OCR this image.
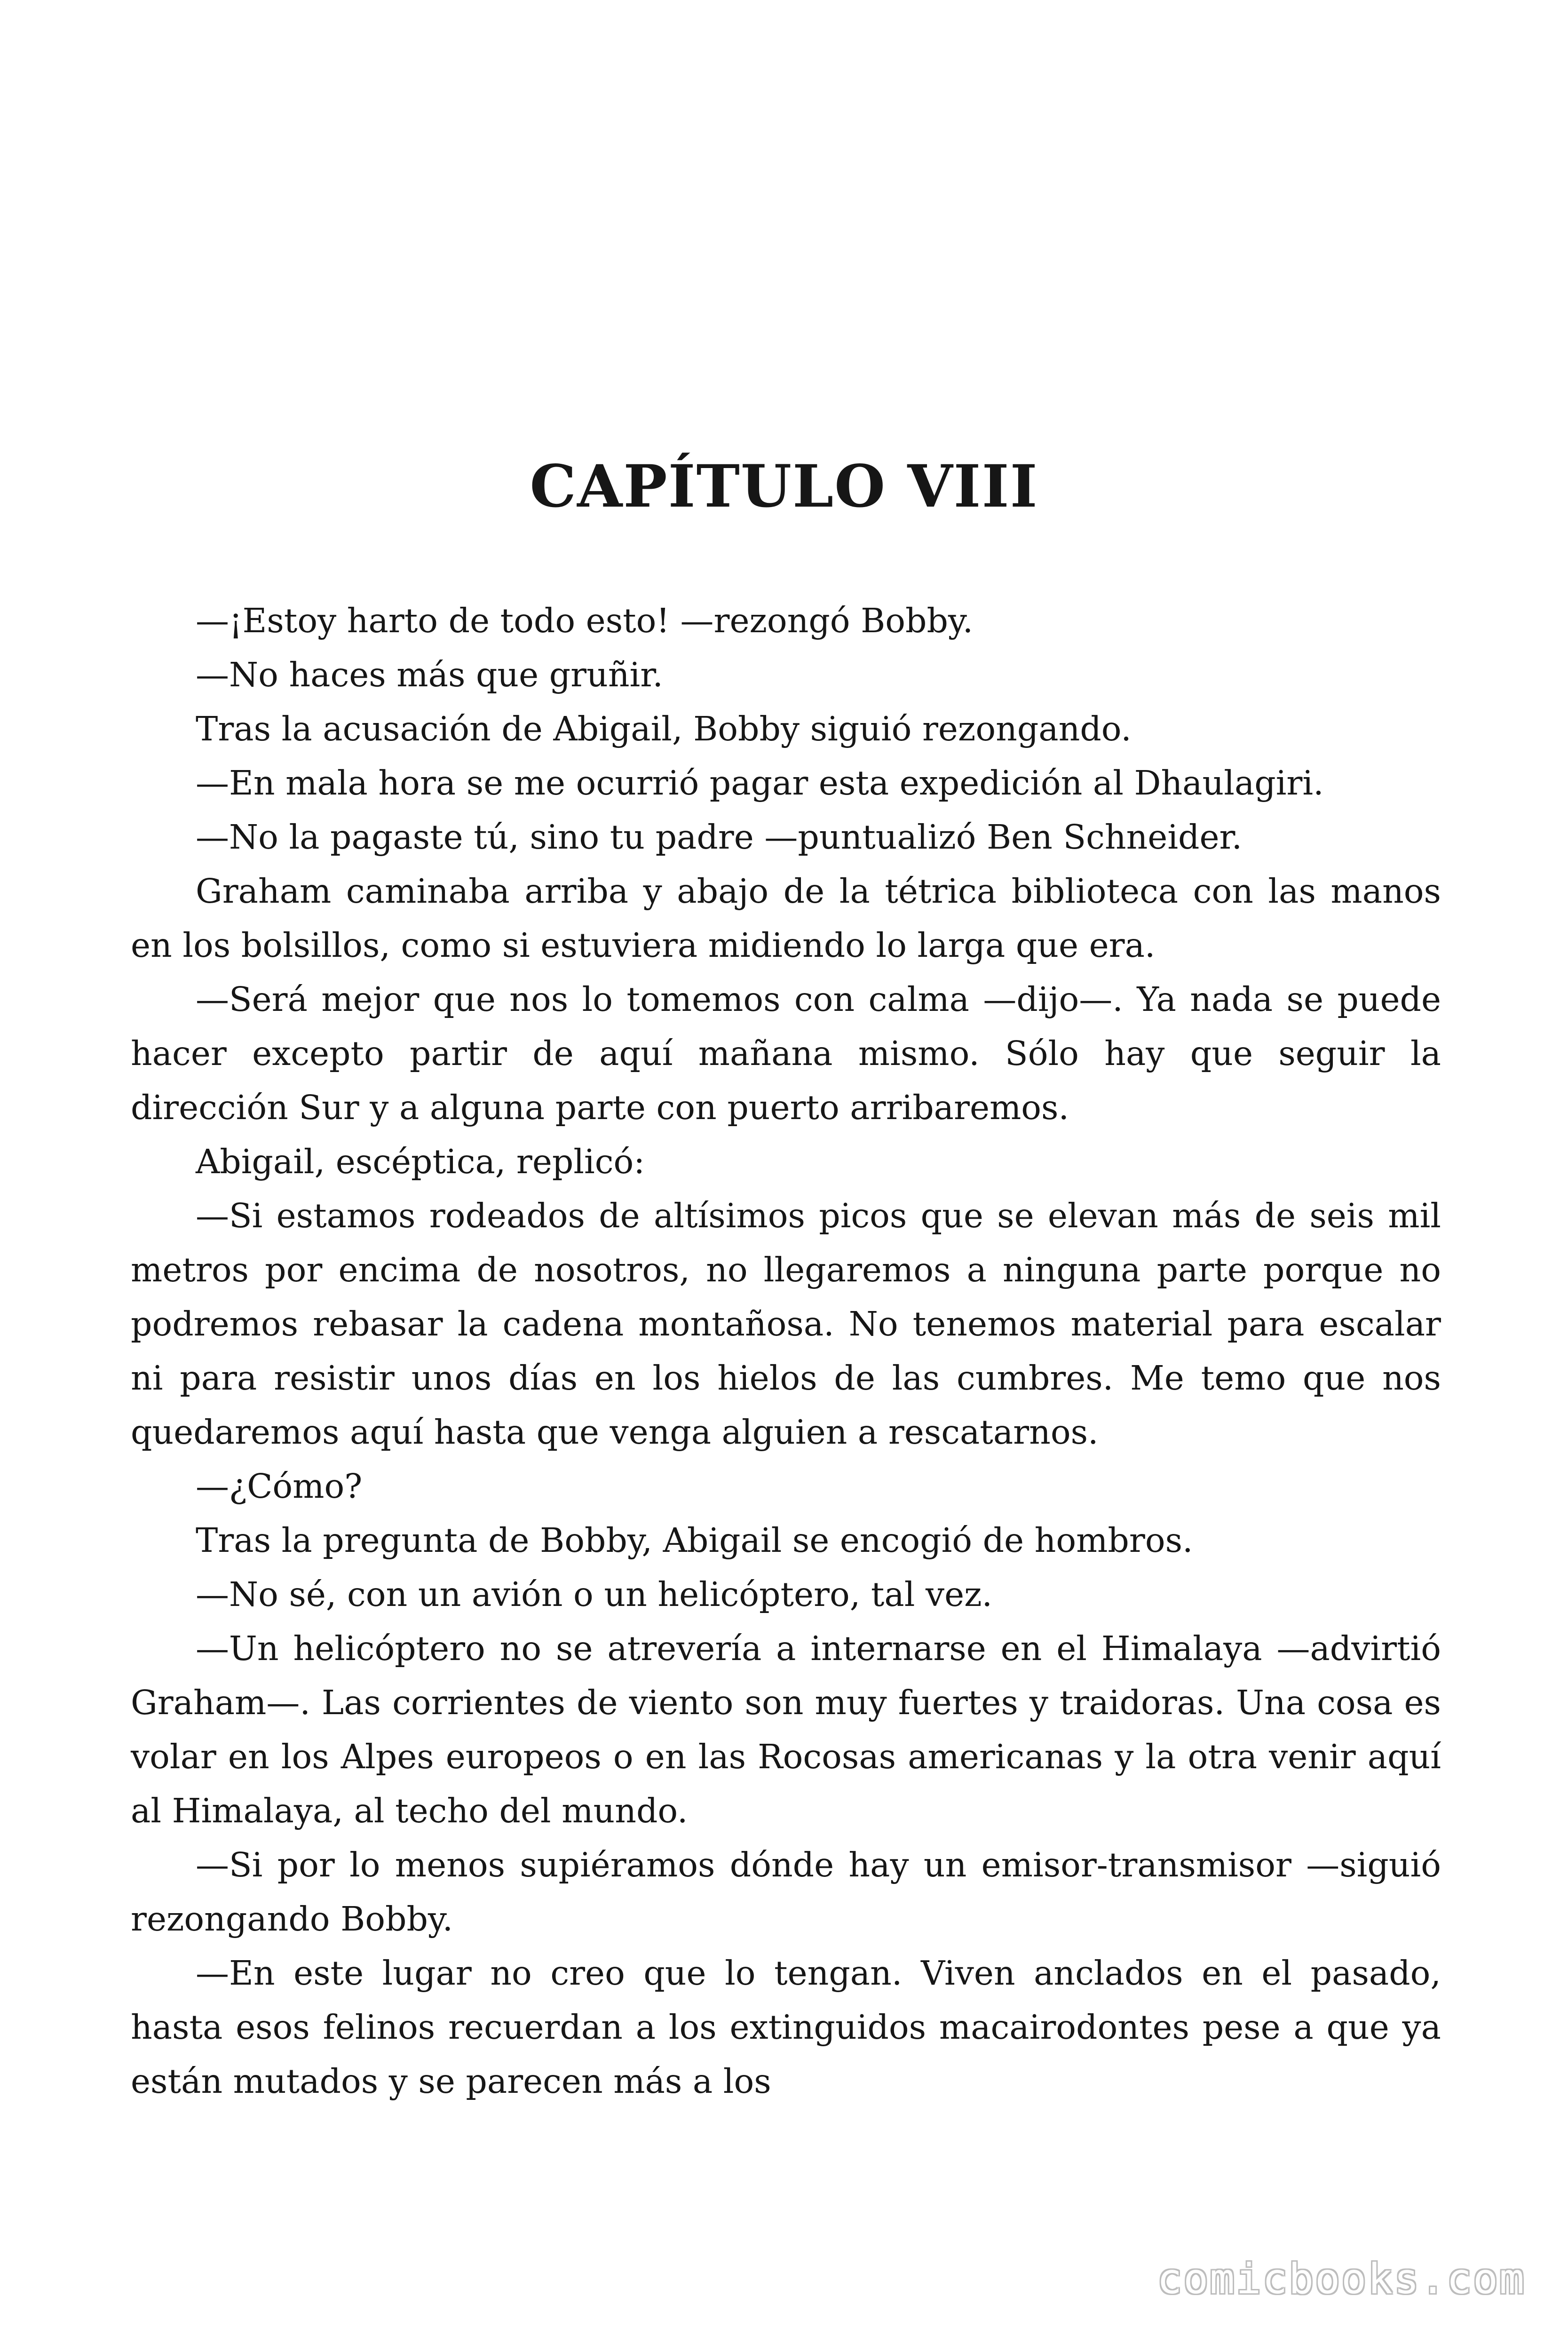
CAPÍTULO VIII

—¡Estoy harto de todo esto! —rezongó Bobby.

—No haces más que gruñir.

Tras la acusación de Abigail, Bobby siguió rezongando.

—En mala hora se me ocurrió pagar esta expedición al Dhaulagiri.

—No la pagaste tú, sino tu padre —puntualizó Ben Schneider.

Graham caminaba arriba y abajo de la tétrica biblioteca con las manos en los bolsillos, como si estuviera midiendo lo larga que era.

—Será mejor que nos lo tomemos con calma —dijo—. Ya nada se puede hacer excepto partir de aquí mañana mismo. Sólo hay que seguir la dirección Sur y a alguna parte con puerto arribaremos.

Abigail, escéptica, replicó:

—Si estamos rodeados de altísimos picos que se elevan más de seis mil metros por encima de nosotros, no llegaremos a ninguna parte porque no podremos rebasar la cadena montañosa. No tenemos material para escalar ni para resistir unos días en los hielos de las cumbres. Me temo que nos quedaremos aquí hasta que venga alguien a rescatarnos.

—¿Cómo?

Tras la pregunta de Bobby, Abigail se encogió de hombros.

—No sé, con un avión o un helicóptero, tal vez.

—Un helicóptero no se atrevería a internarse en el Himalaya —advirtió Graham—. Las corrientes de viento son muy fuertes y traidoras. Una cosa es volar en los Alpes europeos o en las Rocosas americanas y la otra venir aquí al Himalaya, al techo del mundo.

—Si por lo menos supiéramos dónde hay un emisor-transmisor —siguió rezongando Bobby.

—En este lugar no creo que lo tengan. Viven anclados en el pasado, hasta esos felinos recuerdan a los extinguidos macairodontes pese a que ya están mutados y se parecen más a los

comicbooks.com
